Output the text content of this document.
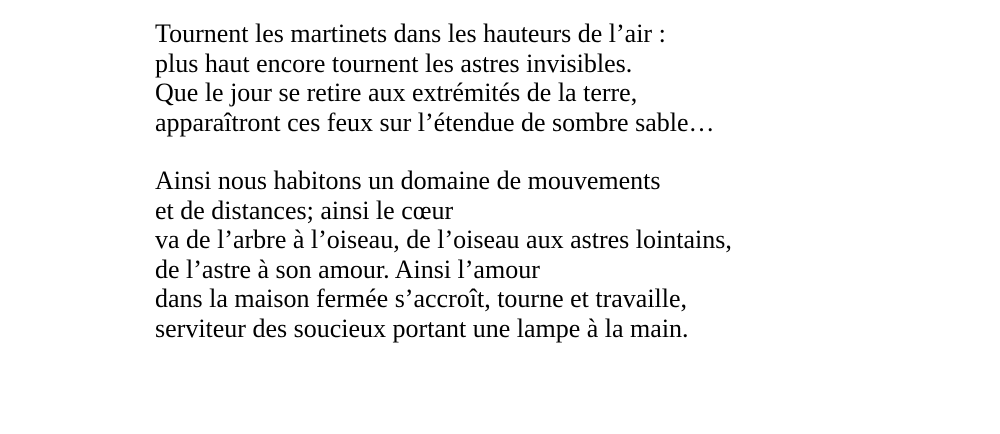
Tournent les martinets dans les hauteurs de l’air :
plus haut encore tournent les astres invisibles.
Que le jour se retire aux extrémités de la terre,
apparaîtront ces feux sur l’étendue de sombre sable…
Ainsi nous habitons un domaine de mouvements
et de distances; ainsi le cœur
va de l’arbre à l’oiseau, de l’oiseau aux astres lointains,
de l’astre à son amour. Ainsi l’amour
dans la maison fermée s’accroît, tourne et travaille,
serviteur des soucieux portant une lampe à la main.
